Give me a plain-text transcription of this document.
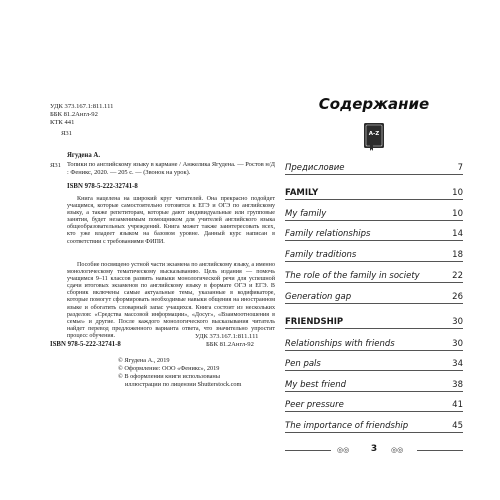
УДК 373.167.1:811.111
ББК 81.2Англ-92
КТК 441
Я31
Ягудена А.
Я31 Топики по английскому языку в кармане / Анжелика Ягудена. — Ростов н/Д : Феникс, 2020. — 205 с. — (Звонок на урок).

ISBN 978-5-222-32741-8

Книга нацелена на широкий круг читателей. Она прекрасно подойдет учащимся, которые самостоятельно готовятся к ЕГЭ и ОГЭ по английскому языку, а также репетиторам, которые дают индивидуальные или групповые занятия, будет незаменимым помощником для учителей английского языка общеобразовательных учреждений. Книга может также заинтересовать всех, кто уже владеет языком на базовом уровне. Данный курс написан в соответствии с требованиями ФИПИ.

Пособие посвящено устной части экзамена по английскому языку, а именно монологическому тематическому высказыванию. Цель издания — помочь учащимся 9–11 классов развить навыки монологической речи для успешной сдачи итоговых экзаменов по английскому языку в формате ОГЭ и ЕГЭ. В сборник включены самые актуальные темы, указанные в кодификаторе, которые помогут сформировать необходимые навыки общения на иностранном языке и обогатить словарный запас учащихся. Книга состоит из нескольких разделов: «Средства массовой информации», «Досуг», «Взаимоотношения в семье» и другие. После каждого монологического высказывания читатель найдет перевод предложенного варианта ответа, что значительно упростит процесс обучения.	УДК 373.167.1:811.111
ББК 81.2Англ-92
ISBN 978-5-222-32741-8
© Ягудена А., 2019
© Оформление: ООО «Феникс», 2019
© В оформлении книги использованы
иллюстрации по лицензии Shutterstock.com
Содержание
A-Z
Предисловие	7
FAMILY	10
My family	10
Family relationships	14
Family traditions	18
The role of the family in society	22
Generation gap	26
FRIENDSHIP	30
Relationships with friends	30
Pen pals	34
My best friend	38
Peer pressure	41
The importance of friendship	45
◎◎	3	◎◎
